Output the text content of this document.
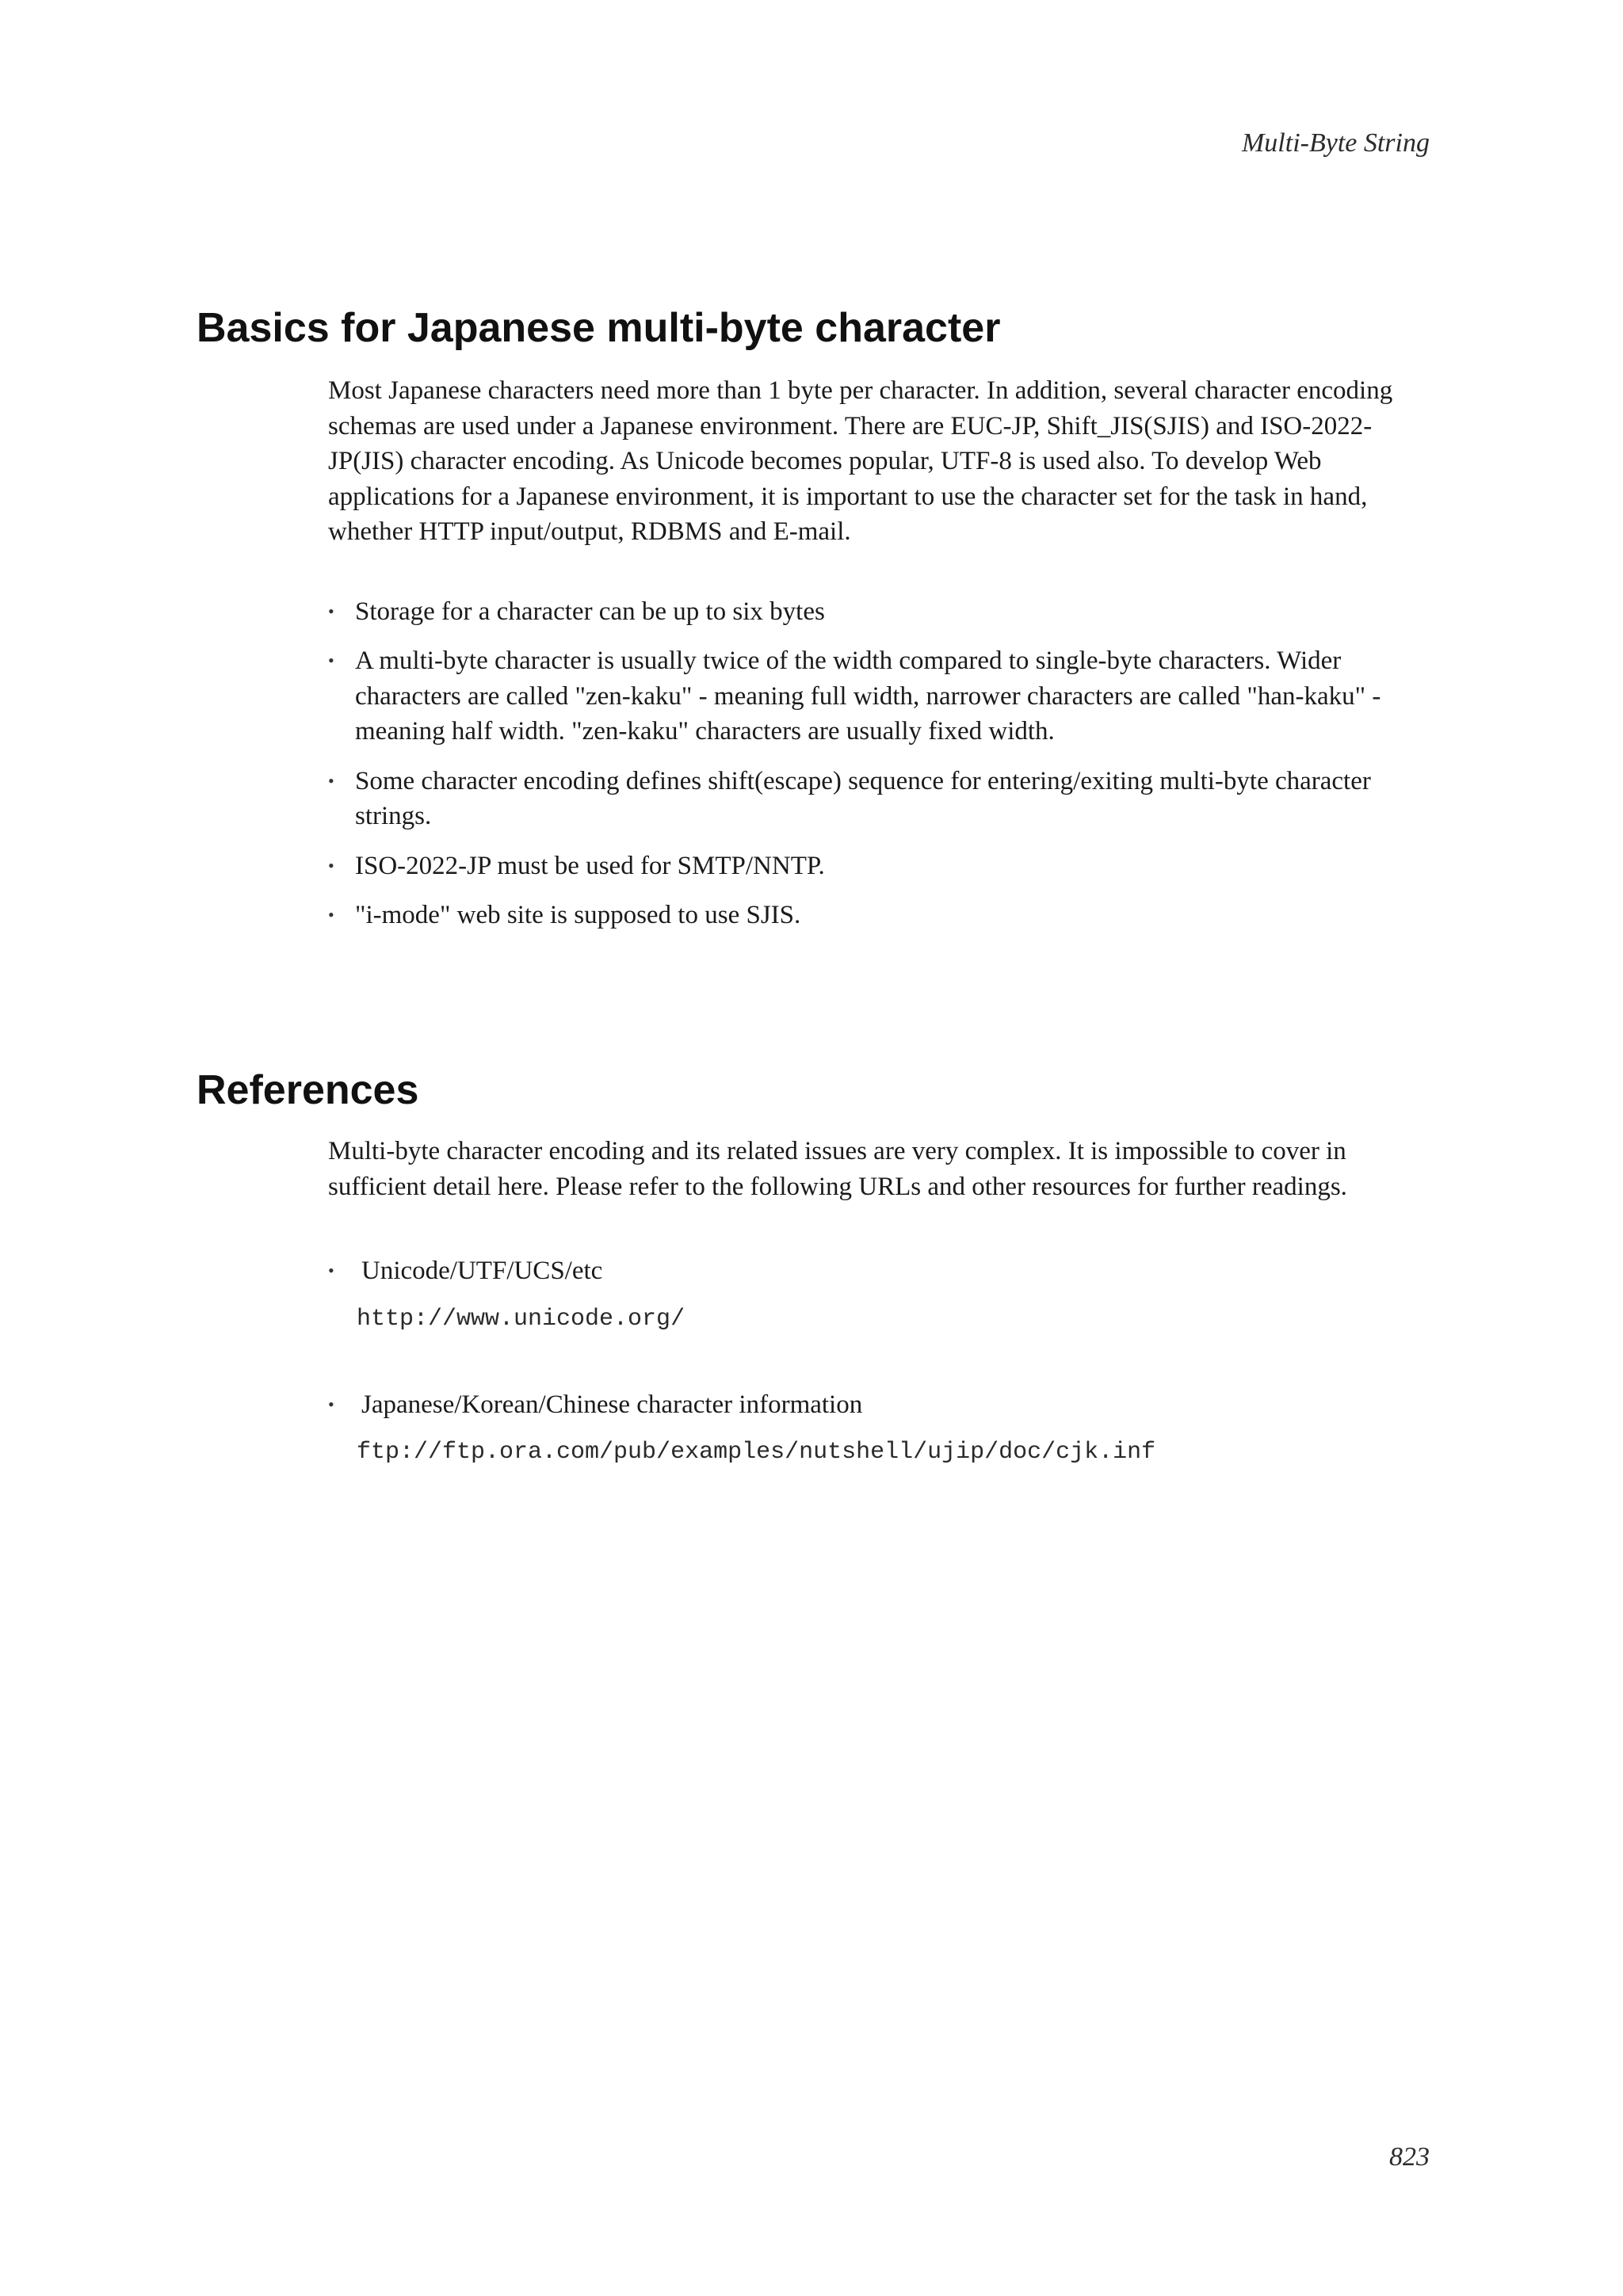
Multi-Byte String
Basics for Japanese multi-byte character

Most Japanese characters need more than 1 byte per character. In addition, several character encoding schemas are used under a Japanese environment. There are EUC-JP, Shift_JIS(SJIS) and ISO-2022-JP(JIS) character encoding. As Unicode becomes popular, UTF-8 is used also. To develop Web applications for a Japanese environment, it is important to use the character set for the task in hand, whether HTTP input/output, RDBMS and E-mail.

• Storage for a character can be up to six bytes
• A multi-byte character is usually twice of the width compared to single-byte characters. Wider characters are called "zen-kaku" - meaning full width, narrower characters are called "han-kaku" - meaning half width. "zen-kaku" characters are usually fixed width.
• Some character encoding defines shift(escape) sequence for entering/exiting multi-byte character strings.
• ISO-2022-JP must be used for SMTP/NNTP.
• "i-mode" web site is supposed to use SJIS.
References

Multi-byte character encoding and its related issues are very complex. It is impossible to cover in sufficient detail here. Please refer to the following URLs and other resources for further readings.

• Unicode/UTF/UCS/etc
http://www.unicode.org/
• Japanese/Korean/Chinese character information
ftp://ftp.ora.com/pub/examples/nutshell/ujip/doc/cjk.inf
823
